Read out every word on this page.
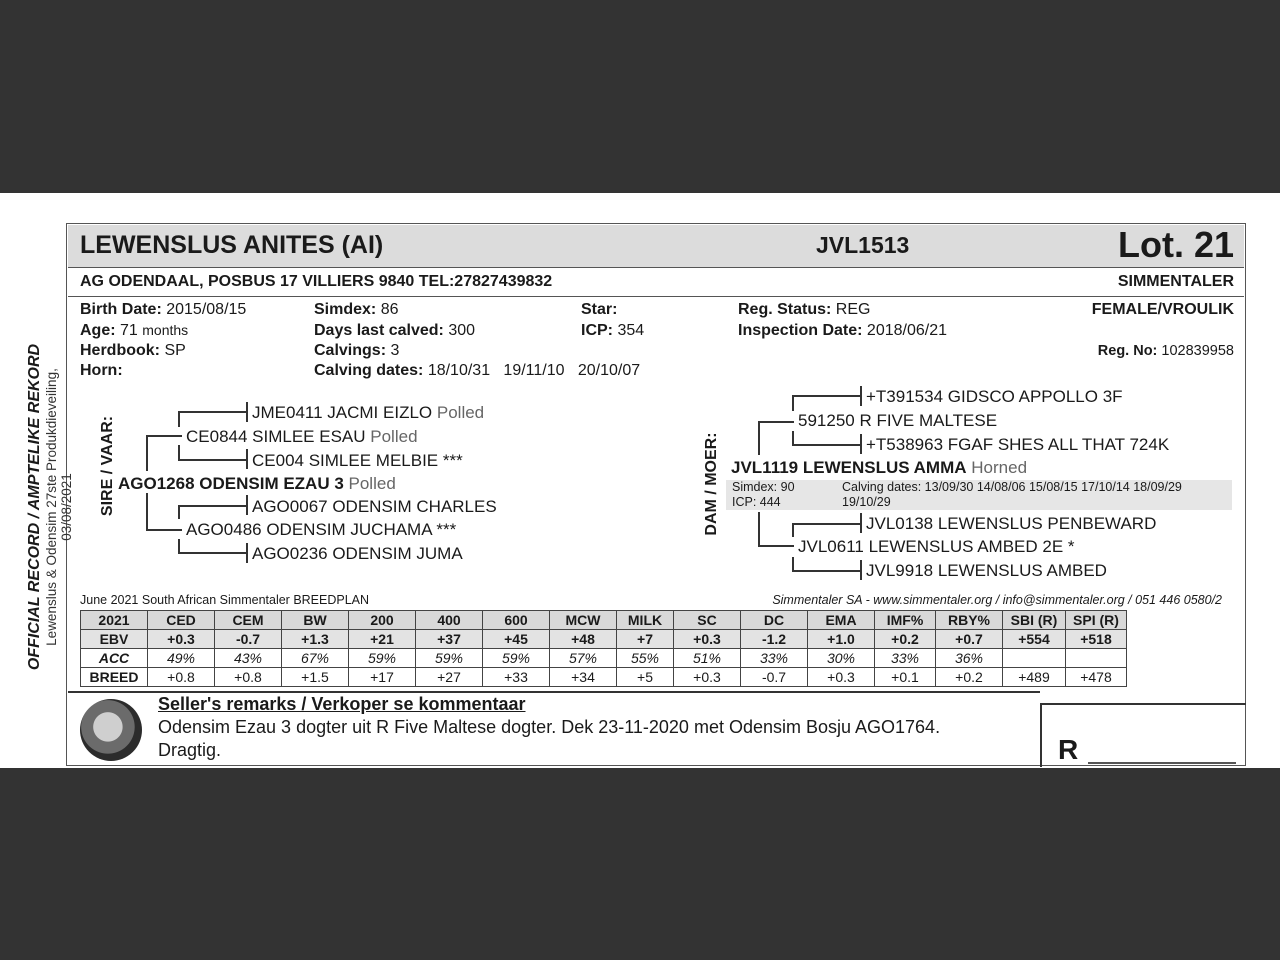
OFFICIAL RECORD / AMPTELIKE REKORD Lewenslus & Odensim 27ste Produkdieveiling, 03/08/2021
LEWENSLUS ANITES (AI)	JVL1513	Lot. 21
AG ODENDAAL, POSBUS 17 VILLIERS 9840 TEL:27827439832	SIMMENTALER
Birth Date: 2015/08/15
Age: 71 months
Herdbook: SP
Horn:
Simdex: 86
Days last calved: 300
Calvings: 3
Calving dates: 18/10/31   19/11/10   20/10/07
Star:
ICP: 354
Reg. Status: REG
Inspection Date: 2018/06/21
FEMALE/VROULIK
Reg. No: 102839958
SIRE / VAAR:
JME0411 JACMI EIZLO Polled
CE0844 SIMLEE ESAU Polled
CE004 SIMLEE MELBIE ***
AGO1268 ODENSIM EZAU 3 Polled
AGO0067 ODENSIM CHARLES
AGO0486 ODENSIM JUCHAMA ***
AGO0236 ODENSIM JUMA
DAM / MOER:
+T391534 GIDSCO APPOLLO 3F
591250 R FIVE MALTESE
+T538963 FGAF SHES ALL THAT 724K
JVL1119 LEWENSLUS AMMA Horned
JVL0138 LEWENSLUS PENBEWARD
JVL0611 LEWENSLUS AMBED 2E *
JVL9918 LEWENSLUS AMBED
Simdex: 90
ICP: 444
Calving dates: 13/09/30 14/08/06 15/08/15 17/10/14 18/09/29
19/10/29
June 2021 South African Simmentaler BREEDPLAN	Simmentaler SA - www.simmentaler.org / info@simmentaler.org / 051 446 0580/2
2021	CED	CEM	BW	200	400	600	MCW	MILK	SC	DC	EMA	IMF%	RBY%	SBI (R)	SPI (R)
EBV	+0.3	-0.7	+1.3	+21	+37	+45	+48	+7	+0.3	-1.2	+1.0	+0.2	+0.7	+554	+518
ACC	49%	43%	67%	59%	59%	59%	57%	55%	51%	33%	30%	33%	36%		
BREED	+0.8	+0.8	+1.5	+17	+27	+33	+34	+5	+0.3	-0.7	+0.3	+0.1	+0.2	+489	+478
Seller's remarks / Verkoper se kommentaar
Odensim Ezau 3 dogter uit R Five Maltese dogter. Dek 23-11-2020 met Odensim Bosju AGO1764.
Dragtig.	R
